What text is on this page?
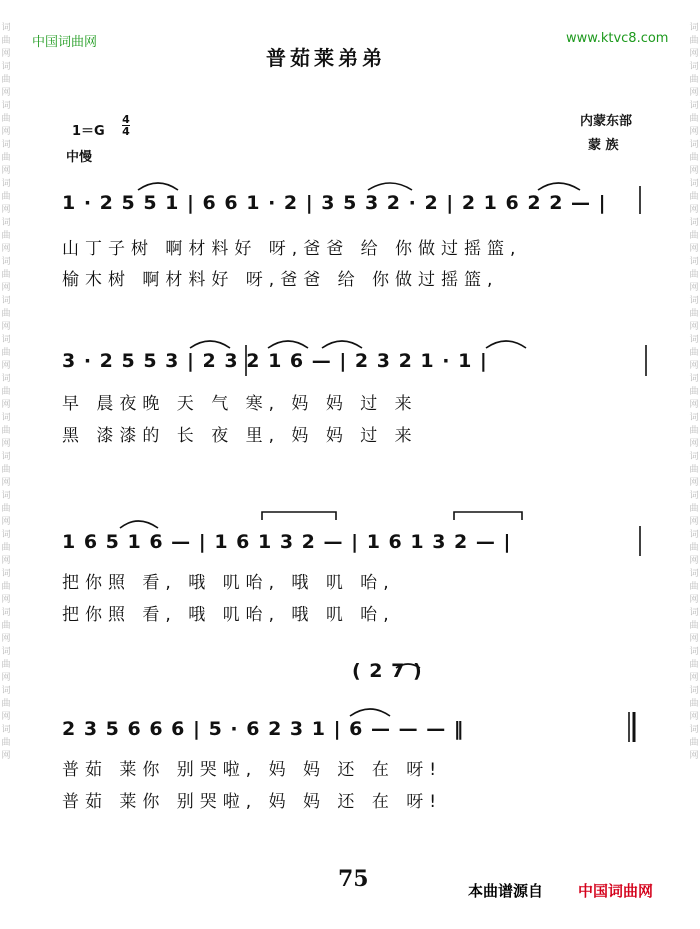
词曲网词曲网词曲网词曲网词曲网词曲网词曲网词曲网词曲网词曲网词曲网词曲网词曲网词曲网词曲网词曲网词曲网词曲网词曲网
词曲网词曲网词曲网词曲网词曲网词曲网词曲网词曲网词曲网词曲网词曲网词曲网词曲网词曲网词曲网词曲网词曲网词曲网词曲网
中国词曲网	www.ktvc8.com
普茹莱弟弟
1＝G
4
4
中慢
内蒙东部
蒙 族
1 · 2 5 5 1 | 6 6 1 · 2 | 3 5 3 2 · 2 | 2 1 6 2 2 — |
山丁子树 啊材料好 呀,爸爸 给 你做过摇篮,
榆木树 啊材料好 呀,爸爸 给 你做过摇篮,
3 · 2 5 5 3 | 2 3 2 1 6 — | 2 3 2 1 · 1 |
早 晨夜晚 天 气 寒, 妈 妈 过 来
黑 漆漆的 长 夜 里, 妈 妈 过 来
1 6 5 1 6 — | 1 6 1 3 2 — | 1 6 1 3 2 — |
把你照 看, 哦 叽咍, 哦 叽 咍,
把你照 看, 哦 叽咍, 哦 叽 咍,
( 2 7 )
2 3 5 6 6 6 | 5 · 6 2 3 1 | 6 — — — ‖
普茹 莱你 别哭啦, 妈 妈 还 在 呀!
普茹 莱你 别哭啦, 妈 妈 还 在 呀!
75	本曲谱源自 中国词曲网
